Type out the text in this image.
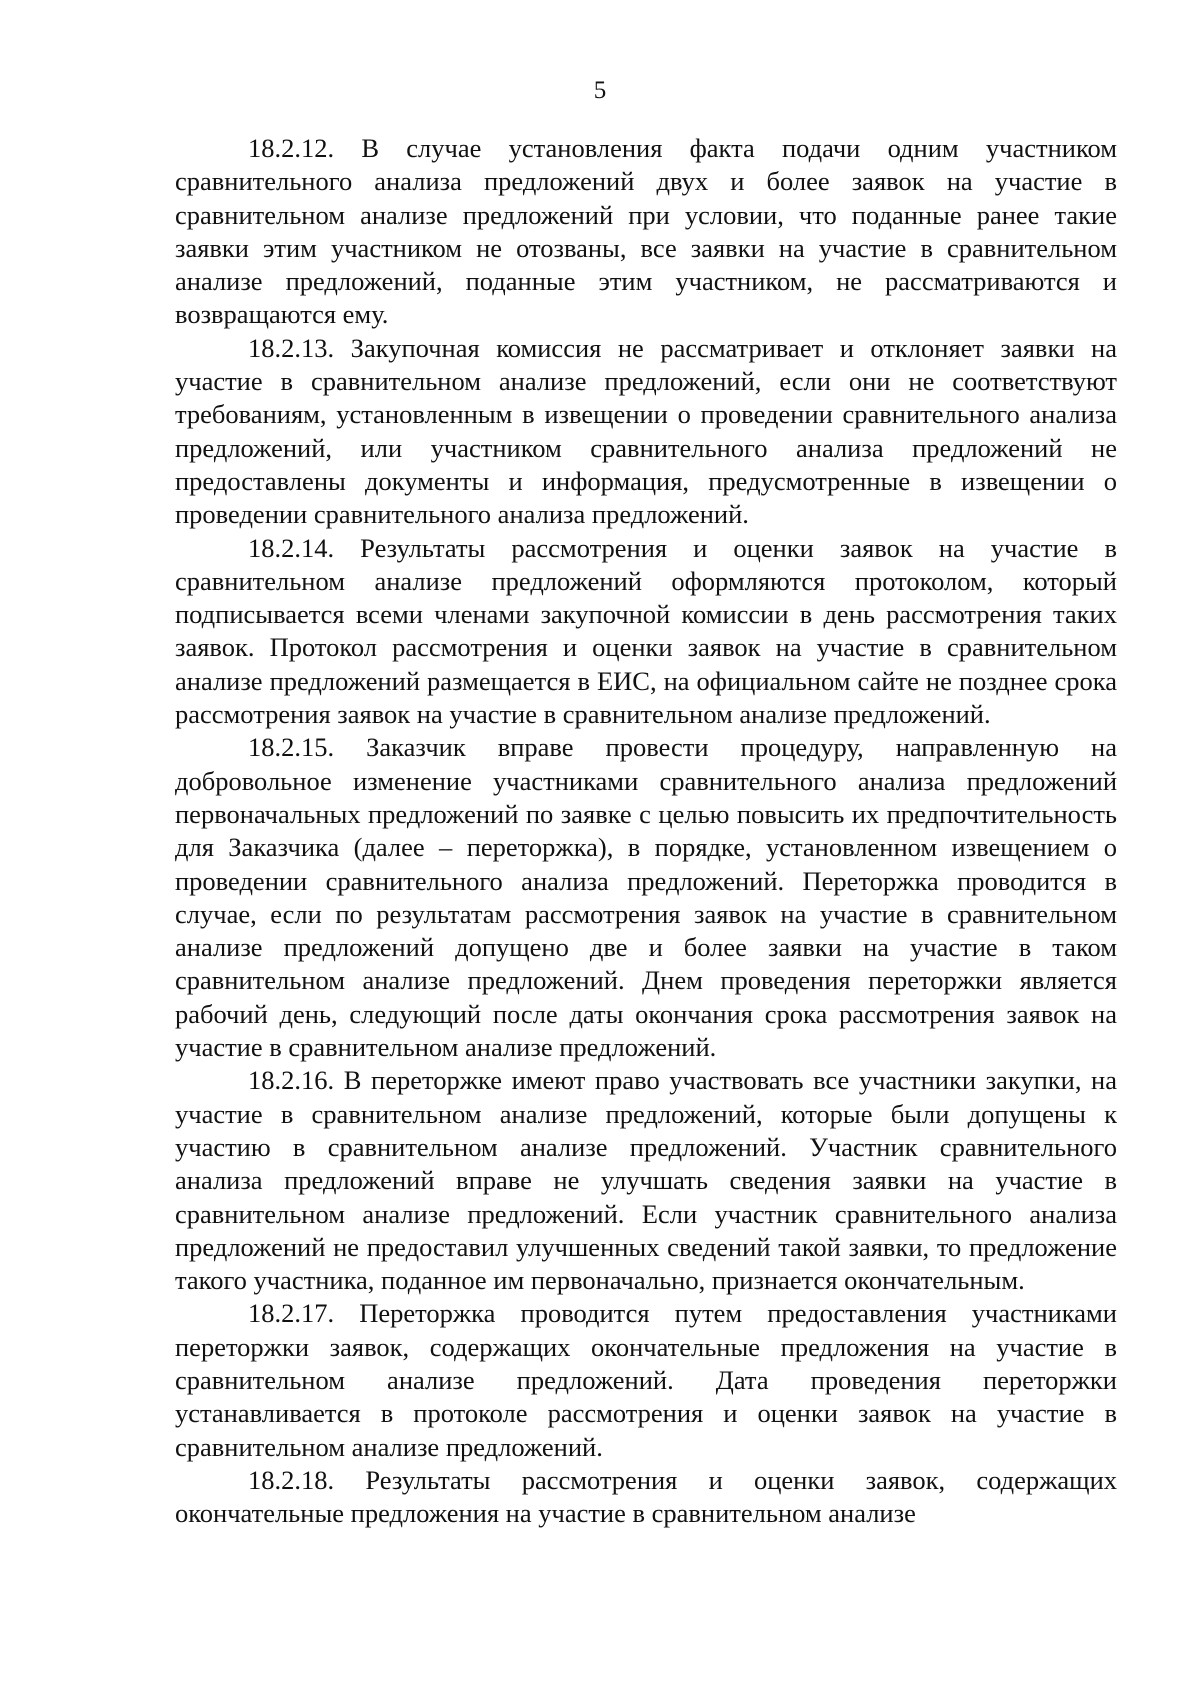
5

18.2.12. В случае установления факта подачи одним участником сравнительного анализа предложений двух и более заявок на участие в сравнительном анализе предложений при условии, что поданные ранее такие заявки этим участником не отозваны, все заявки на участие в сравнительном анализе предложений, поданные этим участником, не рассматриваются и возвращаются ему.

18.2.13. Закупочная комиссия не рассматривает и отклоняет заявки на участие в сравнительном анализе предложений, если они не соответствуют требованиям, установленным в извещении о проведении сравнительного анализа предложений, или участником сравнительного анализа предложений не предоставлены документы и информация, предусмотренные в извещении о проведении сравнительного анализа предложений.

18.2.14. Результаты рассмотрения и оценки заявок на участие в сравнительном анализе предложений оформляются протоколом, который подписывается всеми членами закупочной комиссии в день рассмотрения таких заявок. Протокол рассмотрения и оценки заявок на участие в сравнительном анализе предложений размещается в ЕИС, на официальном сайте не позднее срока рассмотрения заявок на участие в сравнительном анализе предложений.

18.2.15. Заказчик вправе провести процедуру, направленную на добровольное изменение участниками сравнительного анализа предложений первоначальных предложений по заявке с целью повысить их предпочтительность для Заказчика (далее – переторжка), в порядке, установленном извещением о проведении сравнительного анализа предложений. Переторжка проводится в случае, если по результатам рассмотрения заявок на участие в сравнительном анализе предложений допущено две и более заявки на участие в таком сравнительном анализе предложений. Днем проведения переторжки является рабочий день, следующий после даты окончания срока рассмотрения заявок на участие в сравнительном анализе предложений.

18.2.16. В переторжке имеют право участвовать все участники закупки, на участие в сравнительном анализе предложений, которые были допущены к участию в сравнительном анализе предложений. Участник сравнительного анализа предложений вправе не улучшать сведения заявки на участие в сравнительном анализе предложений. Если участник сравнительного анализа предложений не предоставил улучшенных сведений такой заявки, то предложение такого участника, поданное им первоначально, признается окончательным.

18.2.17. Переторжка проводится путем предоставления участниками переторжки заявок, содержащих окончательные предложения на участие в сравнительном анализе предложений. Дата проведения переторжки устанавливается в протоколе рассмотрения и оценки заявок на участие в сравнительном анализе предложений.

18.2.18. Результаты рассмотрения и оценки заявок, содержащих окончательные предложения на участие в сравнительном анализе
